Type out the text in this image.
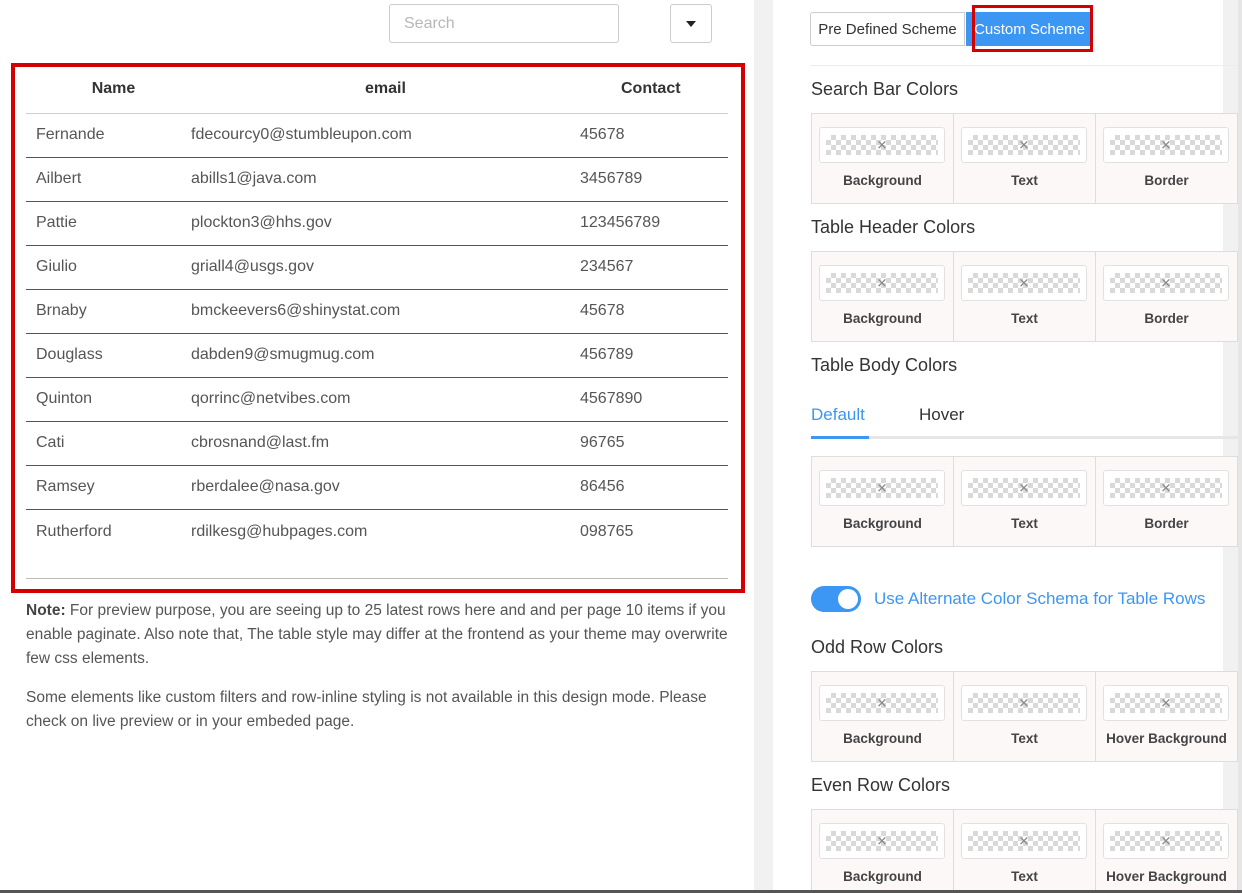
Search
Name	email	Contact
Fernande	fdecourcy0@stumbleupon.com	45678
Ailbert	abills1@java.com	3456789
Pattie	plockton3@hhs.gov	123456789
Giulio	griall4@usgs.gov	234567
Brnaby	bmckeevers6@shinystat.com	45678
Douglass	dabden9@smugmug.com	456789
Quinton	qorrinc@netvibes.com	4567890
Cati	cbrosnand@last.fm	96765
Ramsey	rberdalee@nasa.gov	86456
Rutherford	rdilkesg@hubpages.com	098765

Note: For preview purpose, you are seeing up to 25 latest rows here and and per page 10 items if you enable paginate. Also note that, The table style may differ at the frontend as your theme may overwrite few css elements.

Some elements like custom filters and row-inline styling is not available in this design mode. Please check on live preview or in your embeded page.

Pre Defined Scheme	Custom Scheme
Search Bar Colors
✕
Background
✕
Text
✕
Border
Table Header Colors
✕
Background
✕
Text
✕
Border
Table Body Colors
Default	Hover
✕
Background
✕
Text
✕
Border
Use Alternate Color Schema for Table Rows
Odd Row Colors
✕
Background
✕
Text
✕
Hover Background
Even Row Colors
✕
Background
✕
Text
✕
Hover Background
